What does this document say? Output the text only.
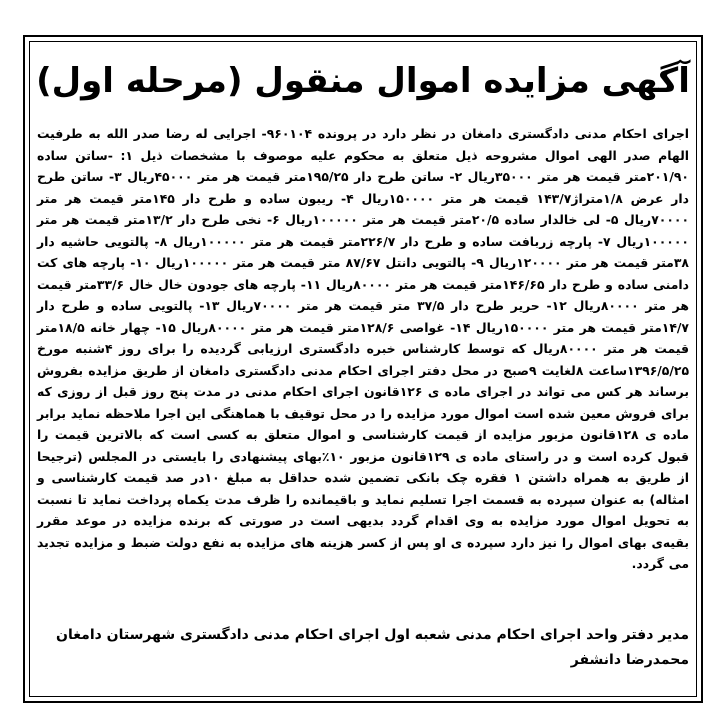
آگهی مزایده اموال منقول (مرحله اول)

اجرای احکام مدنی دادگستری دامغان در نظر دارد در پرونده ۹۶۰۱۰۴- اجرایی له رضا صدر الله به طرفیت الهام صدر الهی اموال مشروحه ذیل متعلق به محکوم علیه موصوف با مشخصات ذیل ۱: -ساتن ساده ۲۰۱/۹۰متر قیمت هر متر ۳۵۰۰۰ریال ۲- ساتن طرح دار ۱۹۵/۲۵متر قیمت هر متر ۴۵۰۰۰ریال ۳- ساتن طرح دار عرض ۱/۸متراژ۱۴۳/۷ قیمت هر متر ۱۵۰۰۰۰ریال ۴- ریبون ساده و طرح دار ۱۴۵متر قیمت هر متر ۷۰۰۰۰ریال ۵- لی خالدار ساده ۲۰/۵متر قیمت هر متر ۱۰۰۰۰۰ریال ۶- نخی طرح دار ۱۳/۲متر قیمت هر متر ۱۰۰۰۰۰ریال ۷- پارچه زربافت ساده و طرح دار ۲۲۶/۷متر قیمت هر متر ۱۰۰۰۰۰ریال ۸- پالتویی حاشیه دار ۳۸متر قیمت هر متر ۱۲۰۰۰۰ریال ۹- پالتویی دانتل ۸۷/۶۷ متر قیمت هر متر ۱۰۰۰۰۰ریال ۱۰- پارچه های کت دامنی ساده و طرح دار ۱۴۶/۶۵متر قیمت هر متر ۸۰۰۰۰ریال ۱۱- پارچه های جودون خال خال ۳۳/۶متر قیمت هر متر ۸۰۰۰۰ریال ۱۲- حریر طرح دار ۳۷/۵ متر قیمت هر متر ۷۰۰۰۰ریال ۱۳- پالتویی ساده و طرح دار ۱۴/۷متر قیمت هر متر ۱۵۰۰۰۰ریال ۱۴- غواصی ۱۲۸/۶متر قیمت هر متر ۸۰۰۰۰ریال ۱۵- چهار خانه ۱۸/۵متر قیمت هر متر ۸۰۰۰۰ریال که توسط کارشناس خبره دادگستری ارزیابی گردیده را برای روز ۴شنبه مورخ ۱۳۹۶/۵/۲۵ساعت ۸لغایت ۹صبح در محل دفتر اجرای احکام مدنی دادگستری دامغان از طریق مزایده بفروش برساند هر کس می تواند در اجرای ماده ی ۱۲۶قانون اجرای احکام مدنی در مدت پنج روز قبل از روزی که برای فروش معین شده است اموال مورد مزایده را در محل توقیف با هماهنگی این اجرا ملاحظه نماید برابر ماده ی ۱۲۸قانون مزبور مزایده از قیمت کارشناسی و اموال متعلق به کسی است که بالاترین قیمت را قبول کرده است و در راستای ماده ی ۱۲۹قانون مزبور ۱۰٪بهای پیشنهادی را بایستی در المجلس (ترجیحا از طریق به همراه داشتن ۱ فقره چک بانکی تضمین شده حداقل به مبلغ ۱۰در صد قیمت کارشناسی و امثاله) به عنوان سپرده به قسمت اجرا تسلیم نماید و باقیمانده را ظرف مدت یکماه پرداخت نماید تا نسبت به تحویل اموال مورد مزایده به وی اقدام گردد بدیهی است در صورتی که برنده مزایده در موعد مقرر بقیه‌ی بهای اموال را نیز دارد سپرده ی او پس از کسر هزینه های مزایده به نفع دولت ضبط و مزایده تجدید می گردد.

مدیر دفتر واحد اجرای احکام مدنی شعبه اول اجرای احکام مدنی دادگستری شهرستان دامغان
محمدرضا دانشفر
